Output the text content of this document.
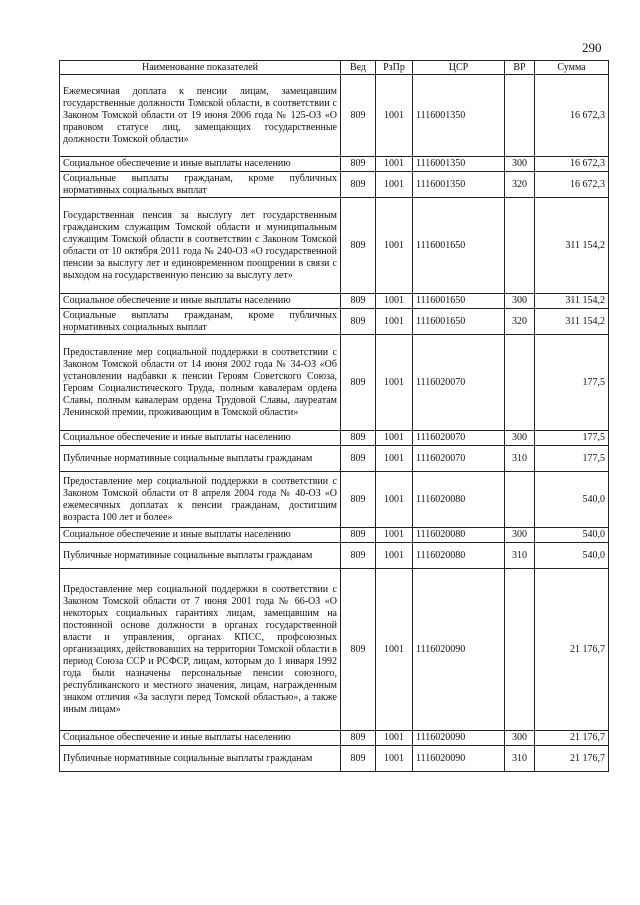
290
Наименование показателей	Вед	РзПр	ЦСР	ВР	Сумма
Ежемесячная доплата к пенсии лицам, замещавшим государственные должности Томской области, в соответствии с Законом Томской области от 19 июня 2006 года № 125-ОЗ «О правовом статусе лиц, замещающих государственные должности Томской области»	809	1001	1116001350		16 672,3
Социальное обеспечение и иные выплаты населению	809	1001	1116001350	300	16 672,3
Социальные выплаты гражданам, кроме публичных нормативных социальных выплат	809	1001	1116001350	320	16 672,3
Государственная пенсия за выслугу лет государственным гражданским служащим Томской области и муниципальным служащим Томской области в соответствии с Законом Томской области от 10 октября 2011 года № 240-ОЗ «О государственной пенсии за выслугу лет и единовременном поощрении в связи с выходом на государственную пенсию за выслугу лет»	809	1001	1116001650		311 154,2
Социальное обеспечение и иные выплаты населению	809	1001	1116001650	300	311 154,2
Социальные выплаты гражданам, кроме публичных нормативных социальных выплат	809	1001	1116001650	320	311 154,2
Предоставление мер социальной поддержки в соответствии с Законом Томской области от 14 июня 2002 года № 34-ОЗ «Об установлении надбавки к пенсии Героям Советского Союза, Героям Социалистического Труда, полным кавалерам ордена Славы, полным кавалерам ордена Трудовой Славы, лауреатам Ленинской премии, проживающим в Томской области»	809	1001	1116020070		177,5
Социальное обеспечение и иные выплаты населению	809	1001	1116020070	300	177,5
Публичные нормативные социальные выплаты гражданам	809	1001	1116020070	310	177,5
Предоставление мер социальной поддержки в соответствии с Законом Томской области от 8 апреля 2004 года № 40-ОЗ «О ежемесячных доплатах к пенсии гражданам, достигшим возраста 100 лет и более»	809	1001	1116020080		540,0
Социальное обеспечение и иные выплаты населению	809	1001	1116020080	300	540,0
Публичные нормативные социальные выплаты гражданам	809	1001	1116020080	310	540,0
Предоставление мер социальной поддержки в соответствии с Законом Томской области от 7 июня 2001 года № 66-ОЗ «О некоторых социальных гарантиях лицам, замещавшим на постоянной основе должности в органах государственной власти и управления, органах КПСС, профсоюзных организациях, действовавших на территории Томской области в период Союза ССР и РСФСР, лицам, которым до 1 января 1992 года были назначены персональные пенсии союзного, республиканского и местного значения, лицам, награжденным знаком отличия «За заслуги перед Томской областью», а также иным лицам»	809	1001	1116020090		21 176,7
Социальное обеспечение и иные выплаты населению	809	1001	1116020090	300	21 176,7
Публичные нормативные социальные выплаты гражданам	809	1001	1116020090	310	21 176,7
